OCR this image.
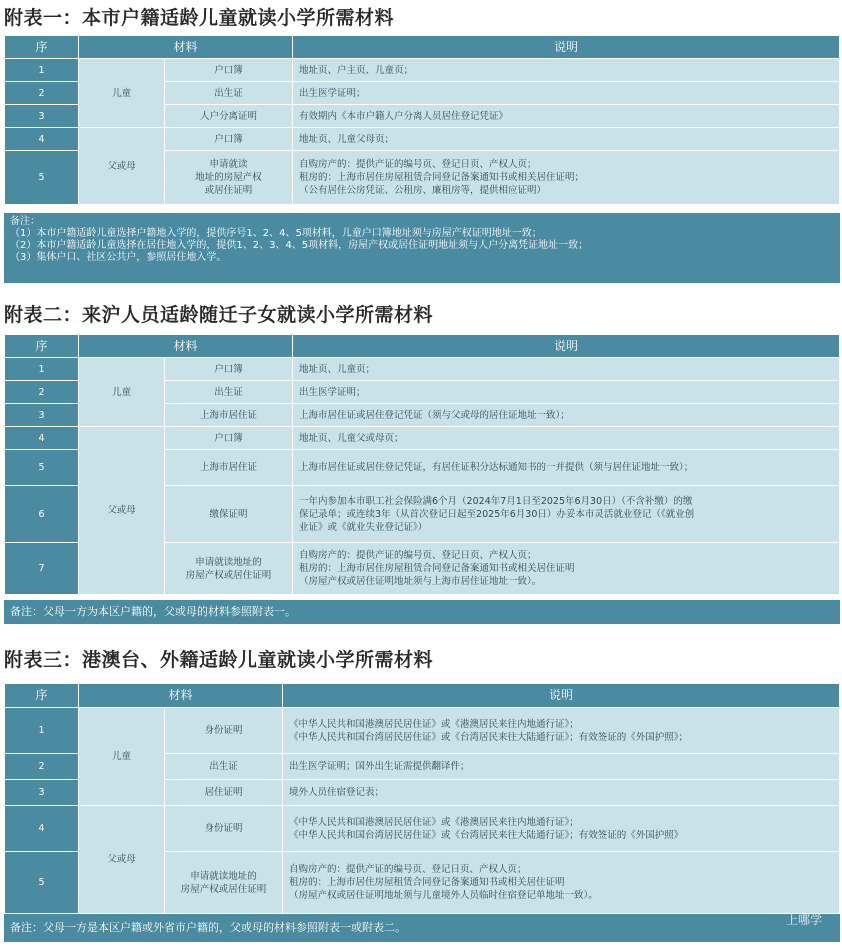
附表一：本市户籍适龄儿童就读小学所需材料
序	材料		说明
1	儿童	户口簿	地址页、户主页、儿童页；
2		出生证	出生医学证明；
3		人户分离证明	有效期内《本市户籍人户分离人员居住登记凭证》
4	父或母	户口簿	地址页、儿童父母页；
5		申请就读
地址的房屋产权
或居住证明	自购房产的：提供产证的编号页、登记日页、产权人页；
租房的：上海市居住房屋租赁合同登记备案通知书或相关居住证明；
（公有居住公房凭证、公租房、廉租房等，提供相应证明）
备注：
（1）本市户籍适龄儿童选择户籍地入学的，提供序号1、2、4、5项材料，儿童户口簿地址须与房屋产权证明地址一致；
（2）本市户籍适龄儿童选择在居住地入学的，提供1、2、3、4、5项材料，房屋产权或居住证明地址须与人户分离凭证地址一致；
（3）集体户口、社区公共户，参照居住地入学。
附表二：来沪人员适龄随迁子女就读小学所需材料
序	材料		说明
1	儿童	户口簿	地址页、儿童页；
2		出生证	出生医学证明；
3		上海市居住证	上海市居住证或居住登记凭证（须与父或母的居住证地址一致）；
4	父或母	户口簿	地址页、儿童父或母页；
5		上海市居住证	上海市居住证或居住登记凭证，有居住证积分达标通知书的一并提供（须与居住证地址一致）；
6		缴保证明	一年内参加本市职工社会保险满6个月（2024年7月1日至2025年6月30日）（不含补缴）的缴
保记录单；或连续3年（从首次登记日起至2025年6月30日）办妥本市灵活就业登记（《就业创
业证》或《就业失业登记证》）

7		申请就读地址的
房屋产权或居住证明	自购房产的：提供产证的编号页、登记日页、产权人页；
租房的：上海市居住房屋租赁合同登记备案通知书或相关居住证明
（房屋产权或居住证明地址须与上海市居住证地址一致）。
备注：父母一方为本区户籍的，父或母的材料参照附表一。
附表三：港澳台、外籍适龄儿童就读小学所需材料
序	材料		说明
1	儿童	身份证明	《中华人民共和国港澳居民居住证》或《港澳居民来往内地通行证》；
《中华人民共和国台湾居民居住证》或《台湾居民来往大陆通行证》；有效签证的《外国护照》；

2		出生证	出生医学证明；国外出生证需提供翻译件；
3		居住证明	境外人员住宿登记表；
4	父或母	身份证明	《中华人民共和国港澳居民居住证》或《港澳居民来往内地通行证》；
《中华人民共和国台湾居民居住证》或《台湾居民来往大陆通行证》；有效签证的《外国护照》

5		申请就读地址的
房屋产权或居住证明	自购房产的：提供产证的编号页、登记日页、产权人页；
租房的：上海市居住房屋租赁合同登记备案通知书或相关居住证明
（房屋产权或居住证明地址须与儿童境外人员临时住宿登记单地址一致）。
备注：父母一方是本区户籍或外省市户籍的，父或母的材料参照附表一或附表二。
上哪学
